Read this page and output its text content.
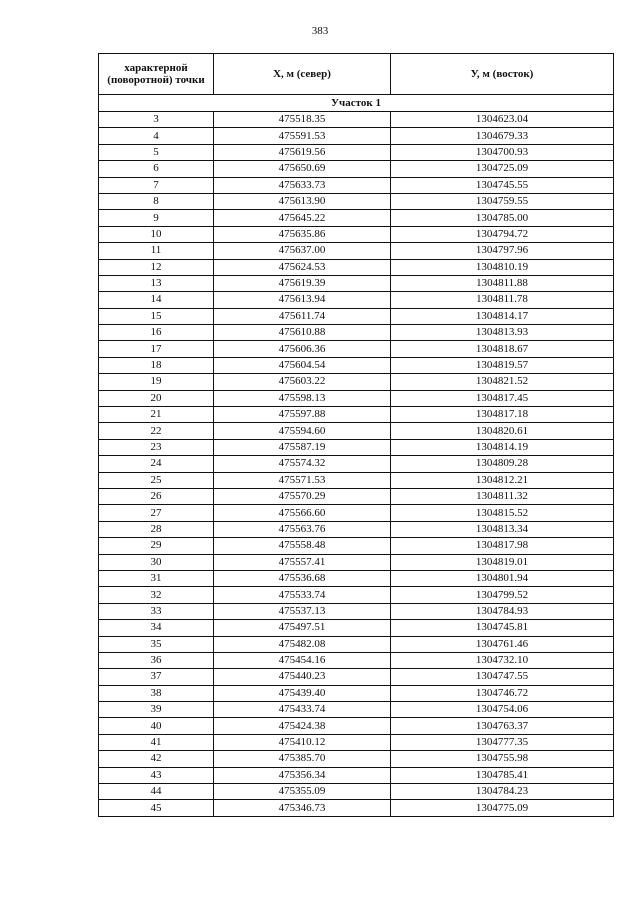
383
характерной (поворотной) точки	X, м (север)	У, м (восток)
Участок 1		
3	475518.35	1304623.04
4	475591.53	1304679.33
5	475619.56	1304700.93
6	475650.69	1304725.09
7	475633.73	1304745.55
8	475613.90	1304759.55
9	475645.22	1304785.00
10	475635.86	1304794.72
11	475637.00	1304797.96
12	475624.53	1304810.19
13	475619.39	1304811.88
14	475613.94	1304811.78
15	475611.74	1304814.17
16	475610.88	1304813.93
17	475606.36	1304818.67
18	475604.54	1304819.57
19	475603.22	1304821.52
20	475598.13	1304817.45
21	475597.88	1304817.18
22	475594.60	1304820.61
23	475587.19	1304814.19
24	475574.32	1304809.28
25	475571.53	1304812.21
26	475570.29	1304811.32
27	475566.60	1304815.52
28	475563.76	1304813.34
29	475558.48	1304817.98
30	475557.41	1304819.01
31	475536.68	1304801.94
32	475533.74	1304799.52
33	475537.13	1304784.93
34	475497.51	1304745.81
35	475482.08	1304761.46
36	475454.16	1304732.10
37	475440.23	1304747.55
38	475439.40	1304746.72
39	475433.74	1304754.06
40	475424.38	1304763.37
41	475410.12	1304777.35
42	475385.70	1304755.98
43	475356.34	1304785.41
44	475355.09	1304784.23
45	475346.73	1304775.09
